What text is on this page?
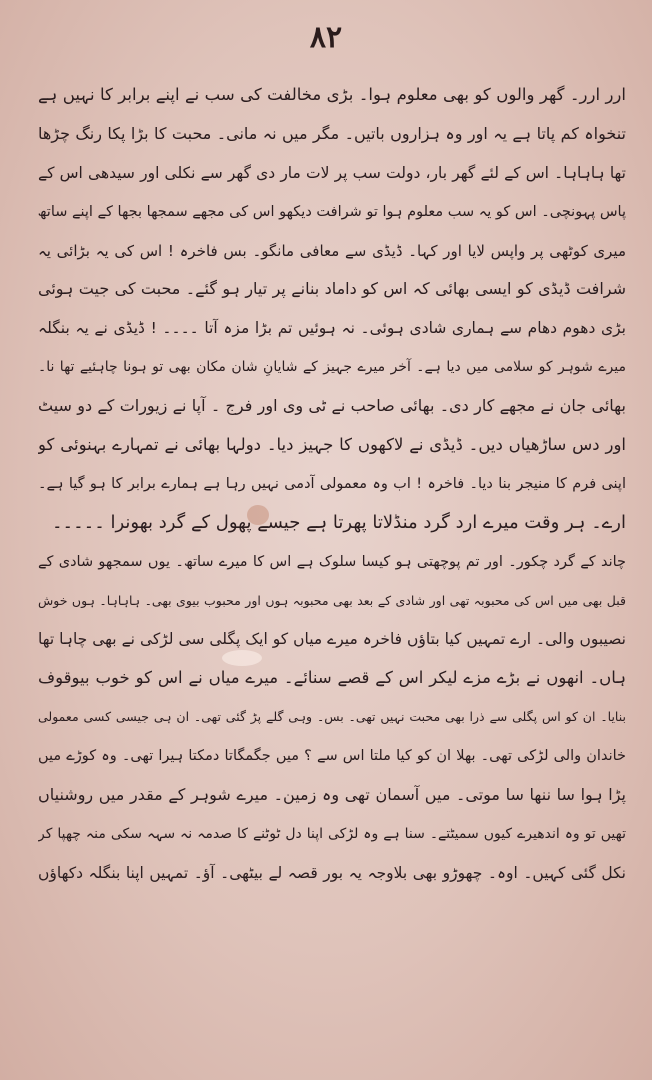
۸۲
ارر ارر۔ گھر والوں کو بھی معلوم ہوا۔ بڑی مخالفت کی سب نے اپنے برابر کا نہیں ہے
تنخواہ کم پاتا ہے یہ اور وہ ہزاروں باتیں۔ مگر میں نہ مانی۔ محبت کا بڑا پکا رنگ چڑھا
تھا ہاہاہا۔ اس کے لئے گھر بار، دولت سب پر لات مار دی گھر سے نکلی اور سیدھی اس کے
پاس پہونچی۔ اس کو یہ سب معلوم ہوا تو شرافت دیکھو اس کی مجھے سمجھا بجھا کے اپنے ساتھ
میری کوٹھی پر واپس لایا اور کہا۔ ڈیڈی سے معافی مانگو۔ بس فاخرہ ! اس کی یہ بڑائی یہ
شرافت ڈیڈی کو ایسی بھائی کہ اس کو داماد بنانے پر تیار ہو گئے۔ محبت کی جیت ہوئی
بڑی دھوم دھام سے ہماری شادی ہوئی۔ نہ ہوئیں تم بڑا مزہ آتا ۔۔۔۔ ! ڈیڈی نے یہ بنگلہ
میرے شوہر کو سلامی میں دیا ہے۔ آخر میرے جہیز کے شایانِ شان مکان بھی تو ہونا چاہئیے تھا نا۔
بھائی جان نے مجھے کار دی۔ بھائی صاحب نے ٹی وی اور فرج ۔ آپا نے زیورات کے دو سیٹ
اور دس ساڑھیاں دیں۔ ڈیڈی نے لاکھوں کا جہیز دیا۔ دولہا بھائی نے تمہارے بہنوئی کو
اپنی فرم کا منیجر بنا دیا۔ فاخرہ ! اب وہ معمولی آدمی نہیں رہا ہے ہمارے برابر کا ہو گیا ہے۔
ارے۔ ہر وقت میرے ارد گرد منڈلاتا پھرتا ہے جیسے پھول کے گرد بھونرا ۔۔۔۔۔
چاند کے گرد چکور۔ اور تم پوچھتی ہو کیسا سلوک ہے اس کا میرے ساتھ۔ یوں سمجھو شادی کے
قبل بھی میں اس کی محبوبہ تھی اور شادی کے بعد بھی محبوبہ ہوں اور محبوب بیوی بھی۔ ہاہاہا۔ ہوں خوش
نصیبوں والی۔ ارے تمہیں کیا بتاؤں فاخرہ میرے میاں کو ایک پگلی سی لڑکی نے بھی چاہا تھا
ہاں۔ انھوں نے بڑے مزے لیکر اس کے قصے سنائے۔ میرے میاں نے اس کو خوب بیوقوف
بنایا۔ ان کو اس پگلی سے ذرا بھی محبت نہیں تھی۔ بس۔ وہی گلے پڑ گئی تھی۔ ان ہی جیسی کسی معمولی
خاندان والی لڑکی تھی۔ بھلا ان کو کیا ملتا اس سے ؟ میں جگمگاتا دمکتا ہیرا تھی۔ وہ کوڑے میں
پڑا ہوا سا ننھا سا موتی۔ میں آسمان تھی وہ زمین۔ میرے شوہر کے مقدر میں روشنیاں
تھیں تو وہ اندھیرے کیوں سمیٹتے۔ سنا ہے وہ لڑکی اپنا دل ٹوٹنے کا صدمہ نہ سہہ سکی منہ چھپا کر
نکل گئی کہیں۔ اوہ۔ چھوڑو بھی بلاوجہ یہ بور قصہ لے بیٹھی۔ آؤ۔ تمہیں اپنا بنگلہ دکھاؤں
